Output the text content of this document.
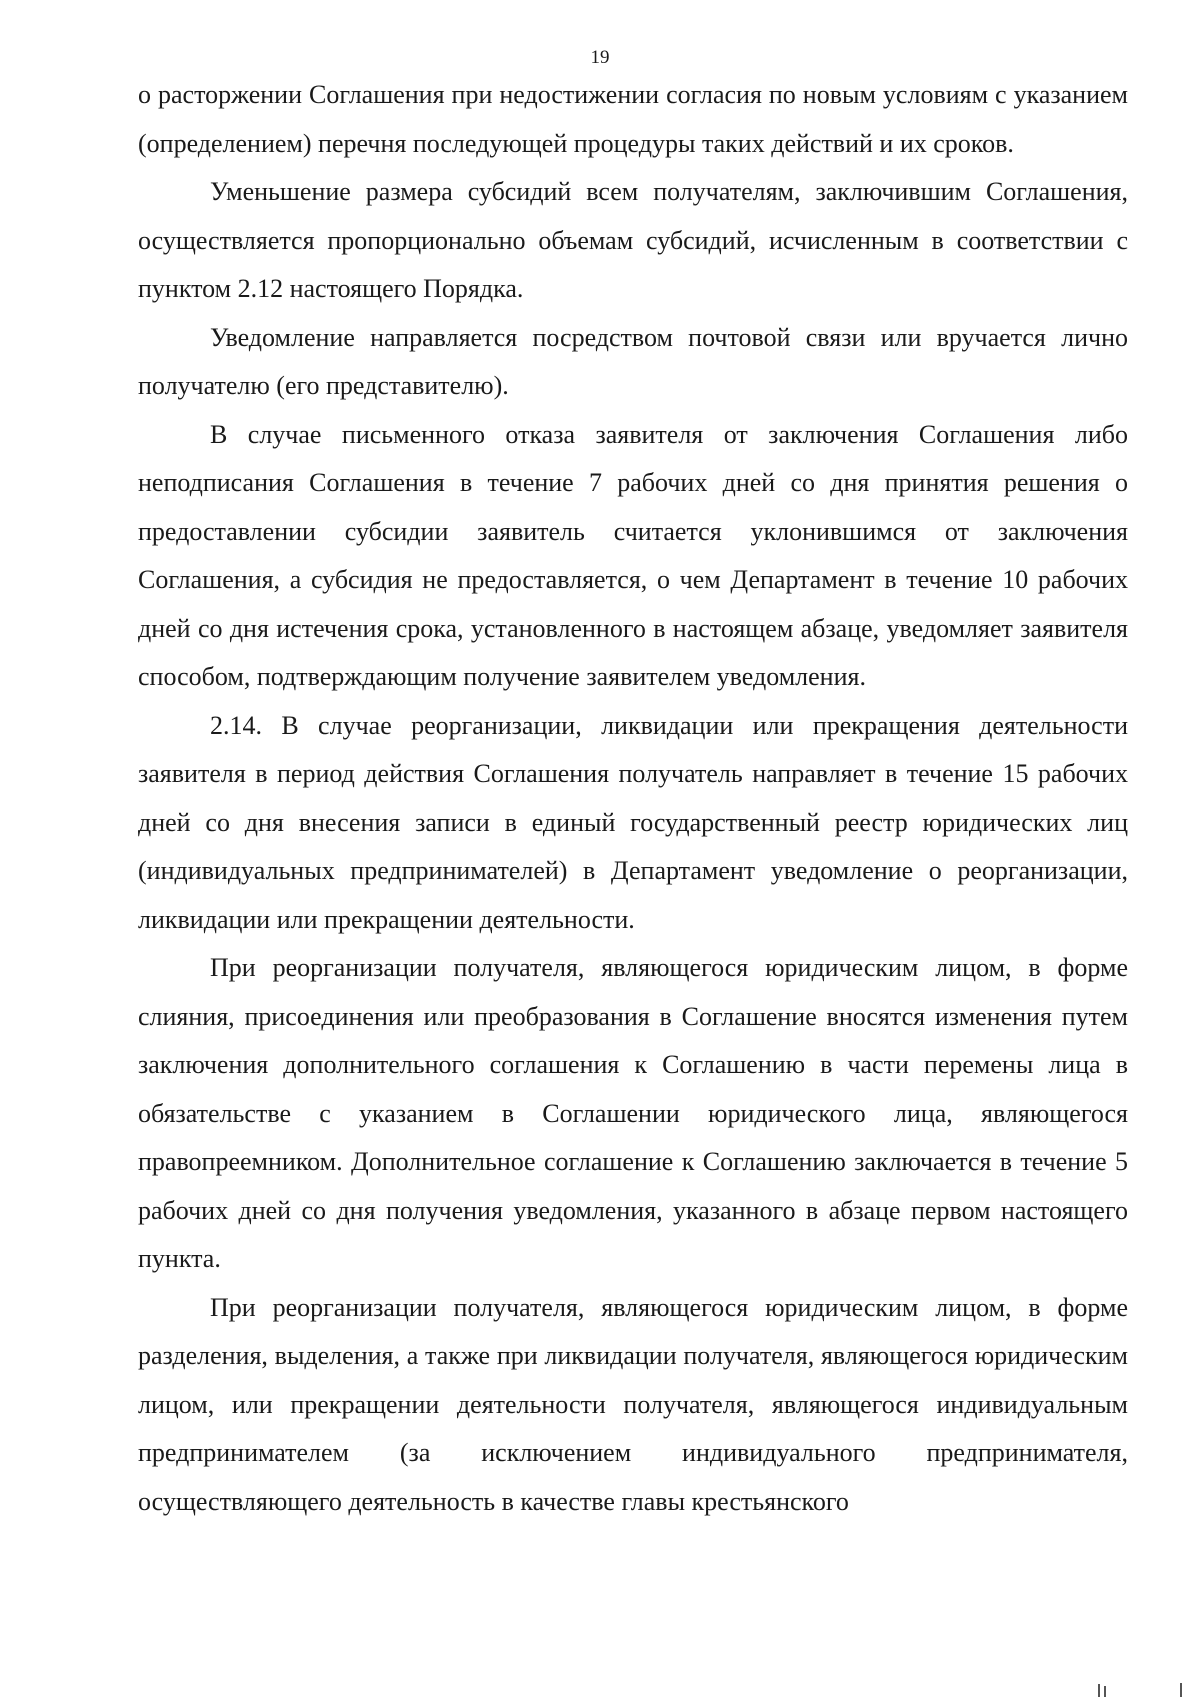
19

о расторжении Соглашения при недостижении согласия по новым условиям с указанием (определением) перечня последующей процедуры таких действий и их сроков.

Уменьшение размера субсидий всем получателям, заключившим Соглашения, осуществляется пропорционально объемам субсидий, исчисленным в соответствии с пунктом 2.12 настоящего Порядка.

Уведомление направляется посредством почтовой связи или вручается лично получателю (его представителю).

В случае письменного отказа заявителя от заключения Соглашения либо неподписания Соглашения в течение 7 рабочих дней со дня принятия решения о предоставлении субсидии заявитель считается уклонившимся от заключения Соглашения, а субсидия не предоставляется, о чем Департамент в течение 10 рабочих дней со дня истечения срока, установленного в настоящем абзаце, уведомляет заявителя способом, подтверждающим получение заявителем уведомления.

2.14. В случае реорганизации, ликвидации или прекращения деятельности заявителя в период действия Соглашения получатель направляет в течение 15 рабочих дней со дня внесения записи в единый государственный реестр юридических лиц (индивидуальных предпринимателей) в Департамент уведомление о реорганизации, ликвидации или прекращении деятельности.

При реорганизации получателя, являющегося юридическим лицом, в форме слияния, присоединения или преобразования в Соглашение вносятся изменения путем заключения дополнительного соглашения к Соглашению в части перемены лица в обязательстве с указанием в Соглашении юридического лица, являющегося правопреемником. Дополнительное соглашение к Соглашению заключается в течение 5 рабочих дней со дня получения уведомления, указанного в абзаце первом настоящего пункта.

При реорганизации получателя, являющегося юридическим лицом, в форме разделения, выделения, а также при ликвидации получателя, являющегося юридическим лицом, или прекращении деятельности получателя, являющегося индивидуальным предпринимателем (за исключением индивидуального предпринимателя, осуществляющего деятельность в качестве главы крестьянского
